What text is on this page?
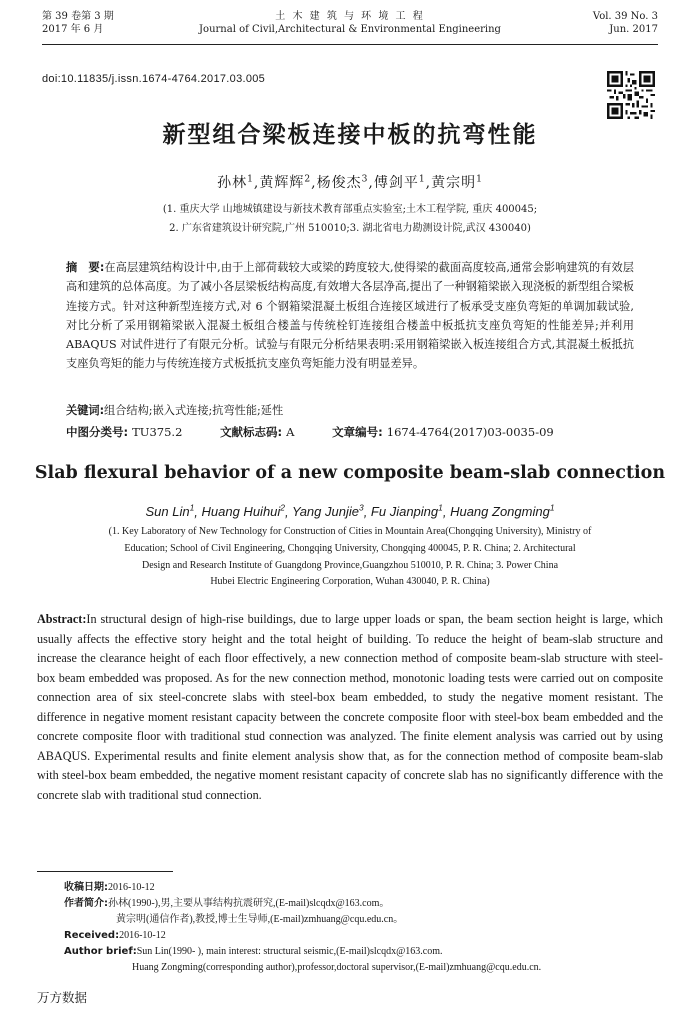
第 39 卷第 3 期
2017 年 6 月
土 木 建 筑 与 环 境 工 程
Journal of Civil,Architectural & Environmental Engineering
Vol. 39 No. 3
Jun. 2017
doi:10.11835/j.issn.1674-4764.2017.03.005
新型组合梁板连接中板的抗弯性能
孙林$^1$,黄辉辉$^2$,杨俊杰$^3$,傅剑平$^1$,黄宗明$^1$
(1. 重庆大学 山地城镇建设与新技术教育部重点实验室;土木工程学院, 重庆 400045;
2. 广东省建筑设计研究院,广州 510010;3. 湖北省电力勘测设计院,武汉 430040)
摘　要:在高层建筑结构设计中,由于上部荷载较大或梁的跨度较大,使得梁的截面高度较高,通常会影响建筑的有效层高和建筑的总体高度。为了减小各层梁板结构高度,有效增大各层净高,提出了一种钢箱梁嵌入现浇板的新型组合梁板连接方式。针对这种新型连接方式,对 6 个钢箱梁混凝土板组合连接区域进行了板承受支座负弯矩的单调加载试验,对比分析了采用钢箱梁嵌入混凝土板组合楼盖与传统栓钉连接组合楼盖中板抵抗支座负弯矩的性能差异;并利用 ABAQUS 对试件进行了有限元分析。试验与有限元分析结果表明:采用钢箱梁嵌入板连接组合方式,其混凝土板抵抗支座负弯矩的能力与传统连接方式板抵抗支座负弯矩能力没有明显差异。
关键词:组合结构;嵌入式连接;抗弯性能;延性
中图分类号: TU375.2	文献标志码: A	文章编号: 1674-4764(2017)03-0035-09
Slab flexural behavior of a new composite beam-slab connection
Sun Lin$^1$, Huang Huihui$^2$, Yang Junjie$^3$, Fu Jianping$^1$, Huang Zongming$^1$
(1. Key Laboratory of New Technology for Construction of Cities in Mountain Area(Chongqing University), Ministry of
Education; School of Civil Engineering, Chongqing University, Chongqing 400045, P. R. China; 2. Architectural
Design and Research Institute of Guangdong Province,Guangzhou 510010, P. R. China; 3. Power China
Hubei Electric Engineering Corporation, Wuhan 430040, P. R. China)
Abstract:In structural design of high-rise buildings, due to large upper loads or span, the beam section height is large, which usually affects the effective story height and the total height of building. To reduce the height of beam-slab structure and increase the clearance height of each floor effectively, a new connection method of composite beam-slab structure with steel-box beam embedded was proposed. As for the new connection method, monotonic loading tests were carried out on composite connection area of six steel-concrete slabs with steel-box beam embedded, to study the negative moment resistant. The difference in negative moment resistant capacity between the concrete composite floor with steel-box beam embedded and the concrete composite floor with traditional stud connection was analyzed. The finite element analysis was carried out by using ABAQUS. Experimental results and finite element analysis show that, as for the connection method of composite beam-slab with steel-box beam embedded, the negative moment resistant capacity of concrete slab has no significantly difference with the concrete slab with traditional stud connection.
收稿日期:2016-10-12
作者简介:孙林(1990-),男,主要从事结构抗震研究,(E-mail)slcqdx@163.com。
黄宗明(通信作者),教授,博士生导师,(E-mail)zmhuang@cqu.edu.cn。
Received:2016-10-12
Author brief:Sun Lin(1990- ), main interest: structural seismic,(E-mail)slcqdx@163.com.
Huang Zongming(corresponding author),professor,doctoral supervisor,(E-mail)zmhuang@cqu.edu.cn.
万方数据
